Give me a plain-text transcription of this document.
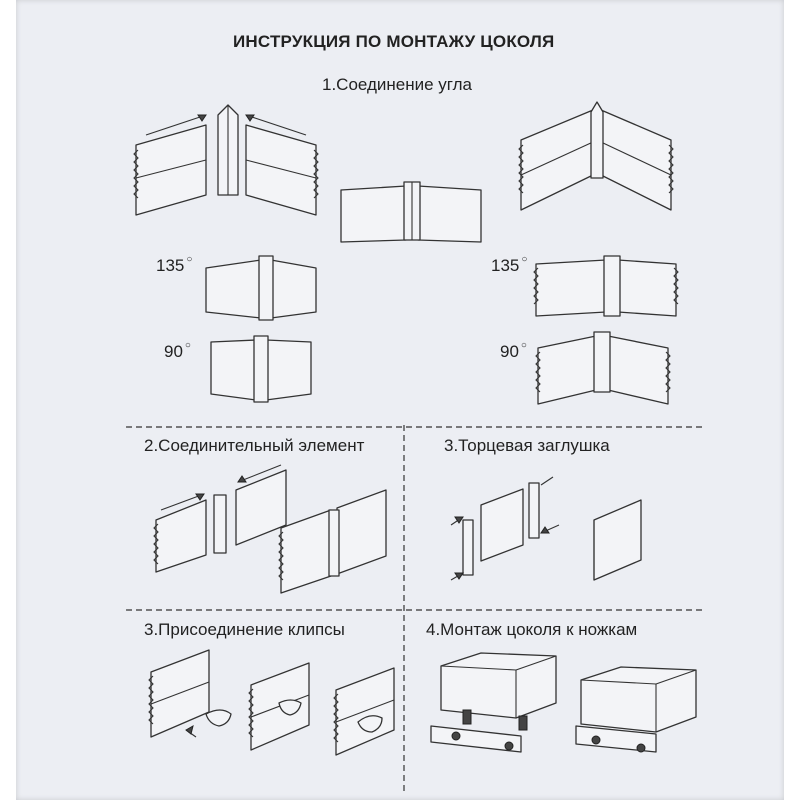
ИНСТРУКЦИЯ ПО МОНТАЖУ ЦОКОЛЯ
1.Соединение угла
2.Соединительный элемент	3.Торцевая заглушка
3.Присоединение клипсы	4.Монтаж цоколя к ножкам
135 ○
90 ○
135 ○
90 ○
